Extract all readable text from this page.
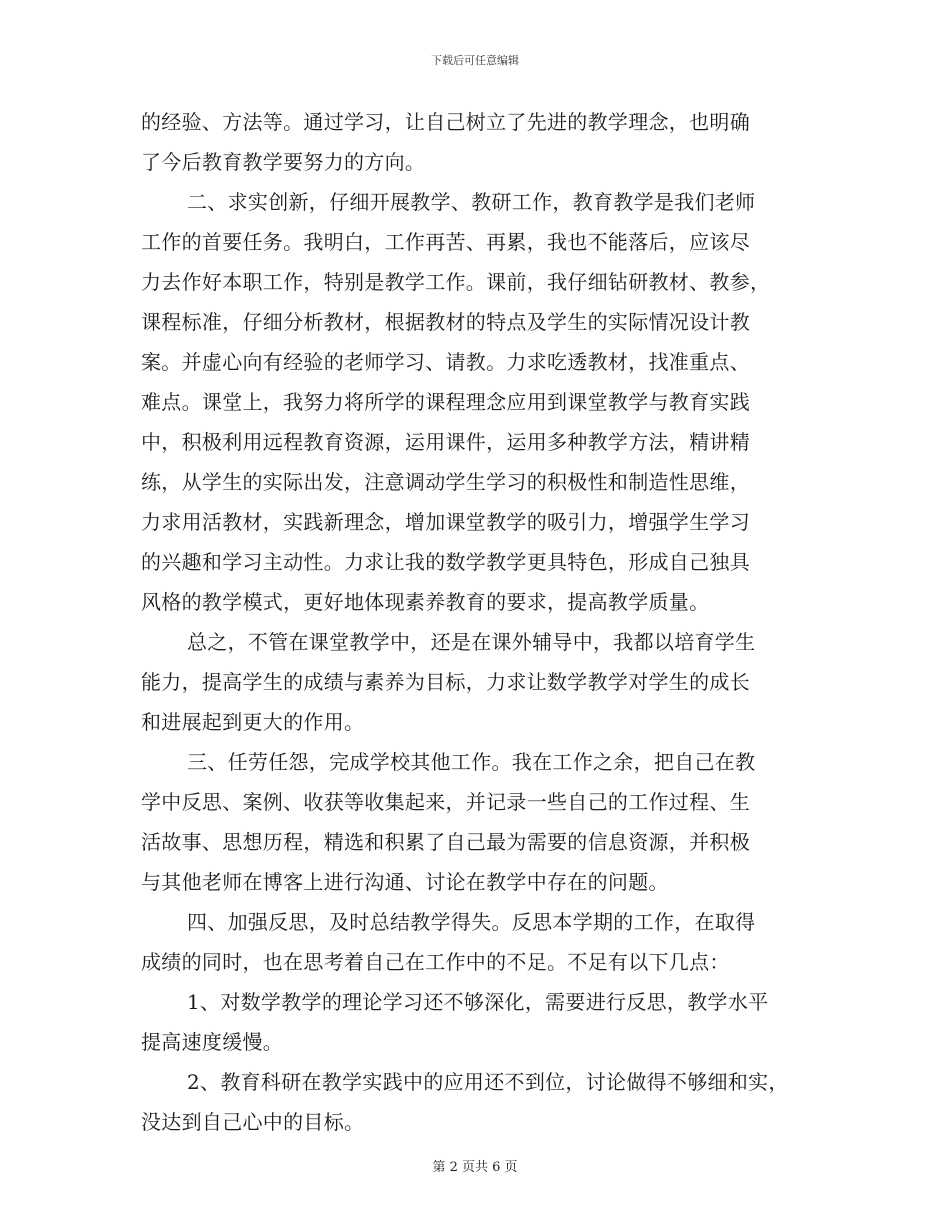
下载后可任意编辑
的经验、方法等。通过学习，让自己树立了先进的教学理念，也明确
了今后教育教学要努力的方向。
二、求实创新，仔细开展教学、教研工作，教育教学是我们老师
工作的首要任务。我明白，工作再苦、再累，我也不能落后，应该尽
力去作好本职工作，特别是教学工作。课前，我仔细钻研教材、教参，
课程标准，仔细分析教材，根据教材的特点及学生的实际情况设计教
案。并虚心向有经验的老师学习、请教。力求吃透教材，找准重点、
难点。课堂上，我努力将所学的课程理念应用到课堂教学与教育实践
中，积极利用远程教育资源，运用课件，运用多种教学方法，精讲精
练，从学生的实际出发，注意调动学生学习的积极性和制造性思维，
力求用活教材，实践新理念，增加课堂教学的吸引力，增强学生学习
的兴趣和学习主动性。力求让我的数学教学更具特色，形成自己独具
风格的教学模式，更好地体现素养教育的要求，提高教学质量。
总之，不管在课堂教学中，还是在课外辅导中，我都以培育学生
能力，提高学生的成绩与素养为目标，力求让数学教学对学生的成长
和进展起到更大的作用。
三、任劳任怨，完成学校其他工作。我在工作之余，把自己在教
学中反思、案例、收获等收集起来，并记录一些自己的工作过程、生
活故事、思想历程，精选和积累了自己最为需要的信息资源，并积极
与其他老师在博客上进行沟通、讨论在教学中存在的问题。
四、加强反思，及时总结教学得失。反思本学期的工作，在取得
成绩的同时，也在思考着自己在工作中的不足。不足有以下几点：
1、对数学教学的理论学习还不够深化，需要进行反思，教学水平
提高速度缓慢。
2、教育科研在教学实践中的应用还不到位，讨论做得不够细和实，
没达到自己心中的目标。
第 2 页共 6 页
